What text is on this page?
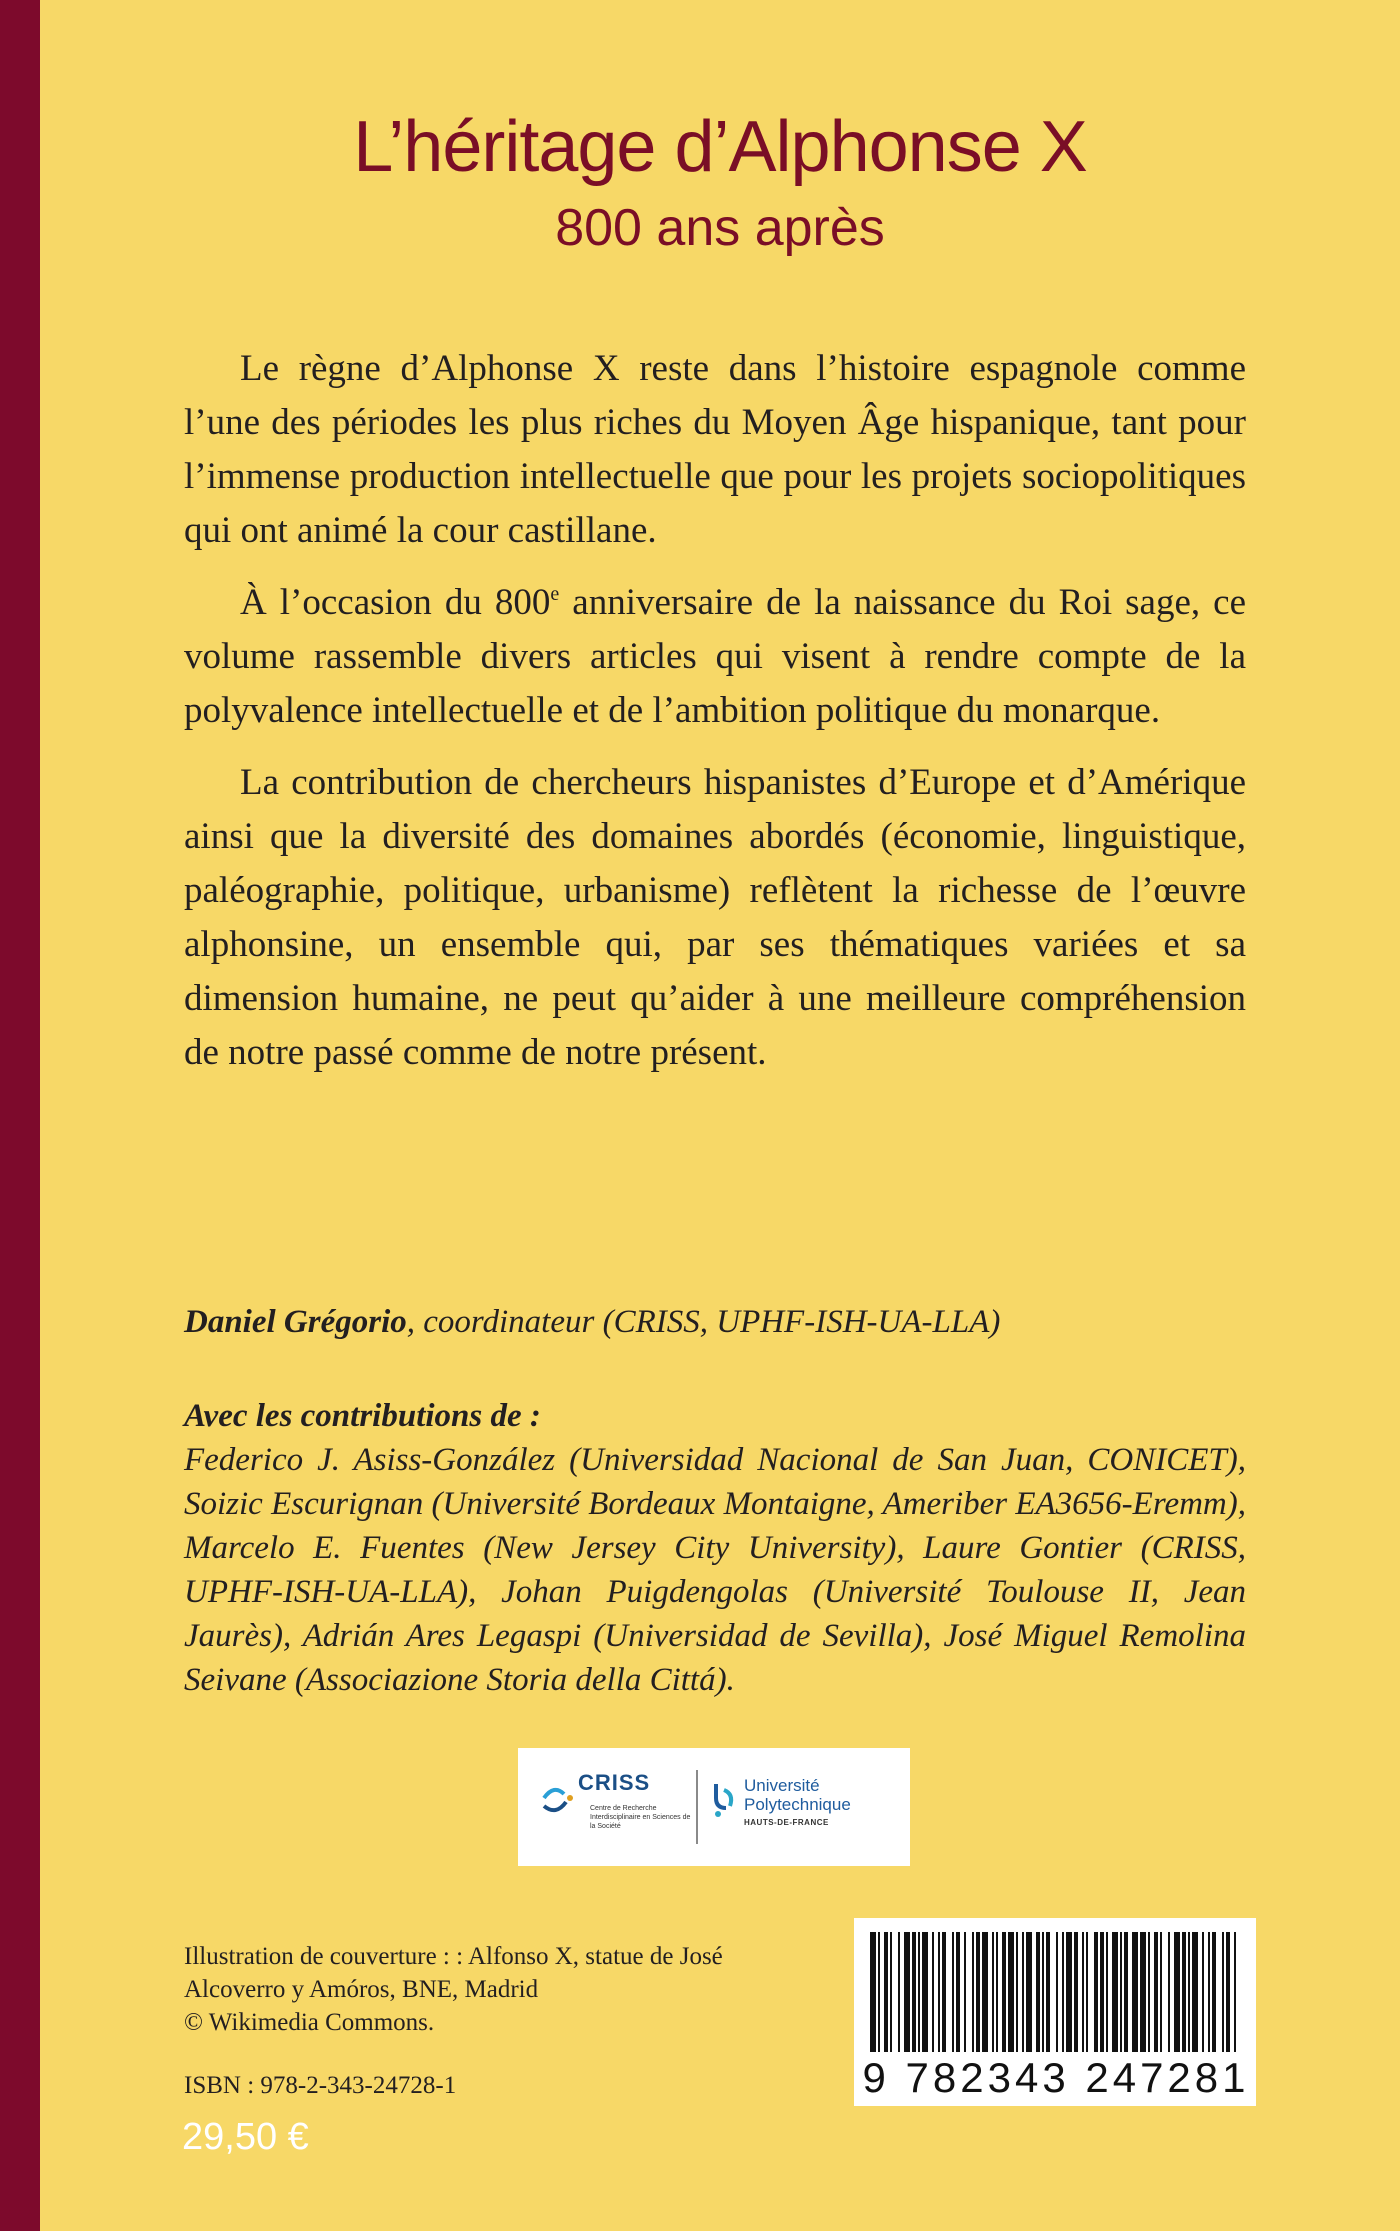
L’héritage d’Alphonse X
800 ans après

Le règne d’Alphonse X reste dans l’histoire espagnole comme l’une des périodes les plus riches du Moyen Âge hispanique, tant pour l’immense production intellectuelle que pour les projets sociopolitiques qui ont animé la cour castillane.

À l’occasion du 800e anniversaire de la naissance du Roi sage, ce volume rassemble divers articles qui visent à rendre compte de la polyvalence intellectuelle et de l’ambition politique du monarque.

La contribution de chercheurs hispanistes d’Europe et d’Amérique ainsi que la diversité des domaines abordés (économie, linguistique, paléographie, politique, urbanisme) reflètent la richesse de l’œuvre alphonsine, un ensemble qui, par ses thématiques variées et sa dimension humaine, ne peut qu’aider à une meilleure compréhension de notre passé comme de notre présent.

Daniel Grégorio, coordinateur (CRISS, UPHF-ISH-UA-LLA)
Avec les contributions de :
Federico J. Asiss-González (Universidad Nacional de San Juan, CONICET), Soizic Escurignan (Université Bordeaux Montaigne, Ameriber EA3656-Eremm), Marcelo E. Fuentes (New Jersey City University), Laure Gontier (CRISS, UPHF-ISH-UA-LLA), Johan Puigdengolas (Université Toulouse II, Jean Jaurès), Adrián Ares Legaspi (Universidad de Sevilla), José Miguel Remolina Seivane (Associazione Storia della Cittá).
CRISS
Centre de Recherche Interdisciplinaire en Sciences de la Société
Université
Polytechnique
HAUTS-DE-FRANCE
Illustration de couverture : : Alfonso X, statue de José Alcoverro y Amóros, BNE, Madrid
© Wikimedia Commons.
ISBN : 978-2-343-24728-1
29,50 €
9 782343 247281
